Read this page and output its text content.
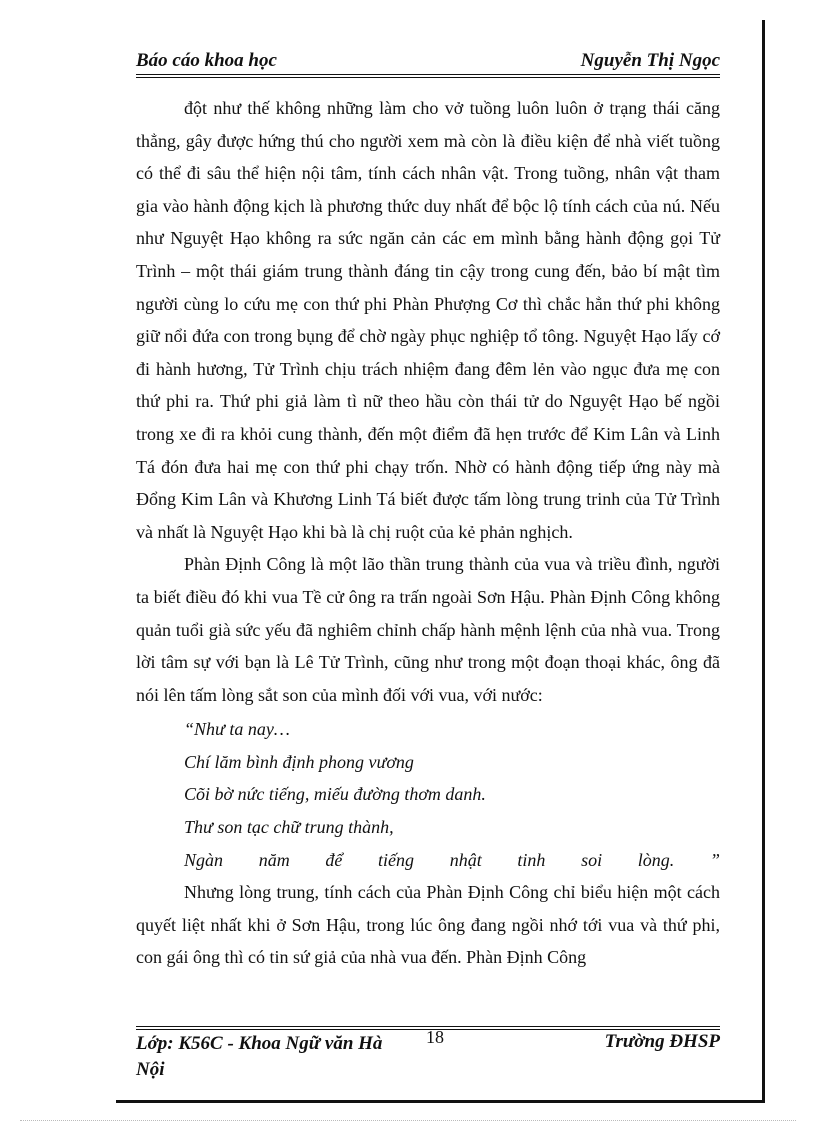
Báo cáo khoa học	Nguyễn Thị Ngọc

đột như thế không những làm cho vở tuồng luôn luôn ở trạng thái căng thẳng, gây được hứng thú cho người xem mà còn là điều kiện để nhà viết tuồng có thể đi sâu thể hiện nội tâm, tính cách nhân vật. Trong tuồng, nhân vật tham gia vào hành động kịch là phương thức duy nhất để bộc lộ tính cách của nú. Nếu như Nguyệt Hạo không ra sức ngăn cản các em mình bằng hành động gọi Tử Trình – một thái giám trung thành đáng tin cậy trong cung đến, bảo bí mật tìm người cùng lo cứu mẹ con thứ phi Phàn Phượng Cơ thì chắc hẳn thứ phi không giữ nổi đứa con trong bụng để chờ ngày phục nghiệp tổ tông. Nguyệt Hạo lấy cớ đi hành hương, Tử Trình chịu trách nhiệm đang đêm lẻn vào ngục đưa mẹ con thứ phi ra. Thứ phi giả làm tì nữ theo hầu còn thái tử do Nguyệt Hạo bế ngồi trong xe đi ra khỏi cung thành, đến một điểm đã hẹn trước để Kim Lân và Linh Tá đón đưa hai mẹ con thứ phi chạy trốn. Nhờ có hành động tiếp ứng này mà Đổng Kim Lân và Khương Linh Tá biết được tấm lòng trung trinh của Tử Trình và nhất là Nguyệt Hạo khi bà là chị ruột của kẻ phản nghịch.

Phàn Định Công là một lão thần trung thành của vua và triều đình, người ta biết điều đó khi vua Tề cử ông ra trấn ngoài Sơn Hậu. Phàn Định Công không quản tuổi già sức yếu đã nghiêm chỉnh chấp hành mệnh lệnh của nhà vua. Trong lời tâm sự với bạn là Lê Tử Trình, cũng như trong một đoạn thoại khác, ông đã nói lên tấm lòng sắt son của mình đối với vua, với nước:

“Như ta nay…
Chí lăm bình định phong vương
Cõi bờ nức tiếng, miếu đường thơm danh.
Thư son tạc chữ trung thành,
Ngàn năm để tiếng nhật tinh soi lòng. ”

Nhưng lòng trung, tính cách của Phàn Định Công chỉ biểu hiện một cách quyết liệt nhất khi ở Sơn Hậu, trong lúc ông đang ngồi nhớ tới vua và thứ phi, con gái ông thì có tin sứ giả của nhà vua đến. Phàn Định Công

Lớp: K56C - Khoa Ngữ văn Hà Nội
18	Trường ĐHSP
